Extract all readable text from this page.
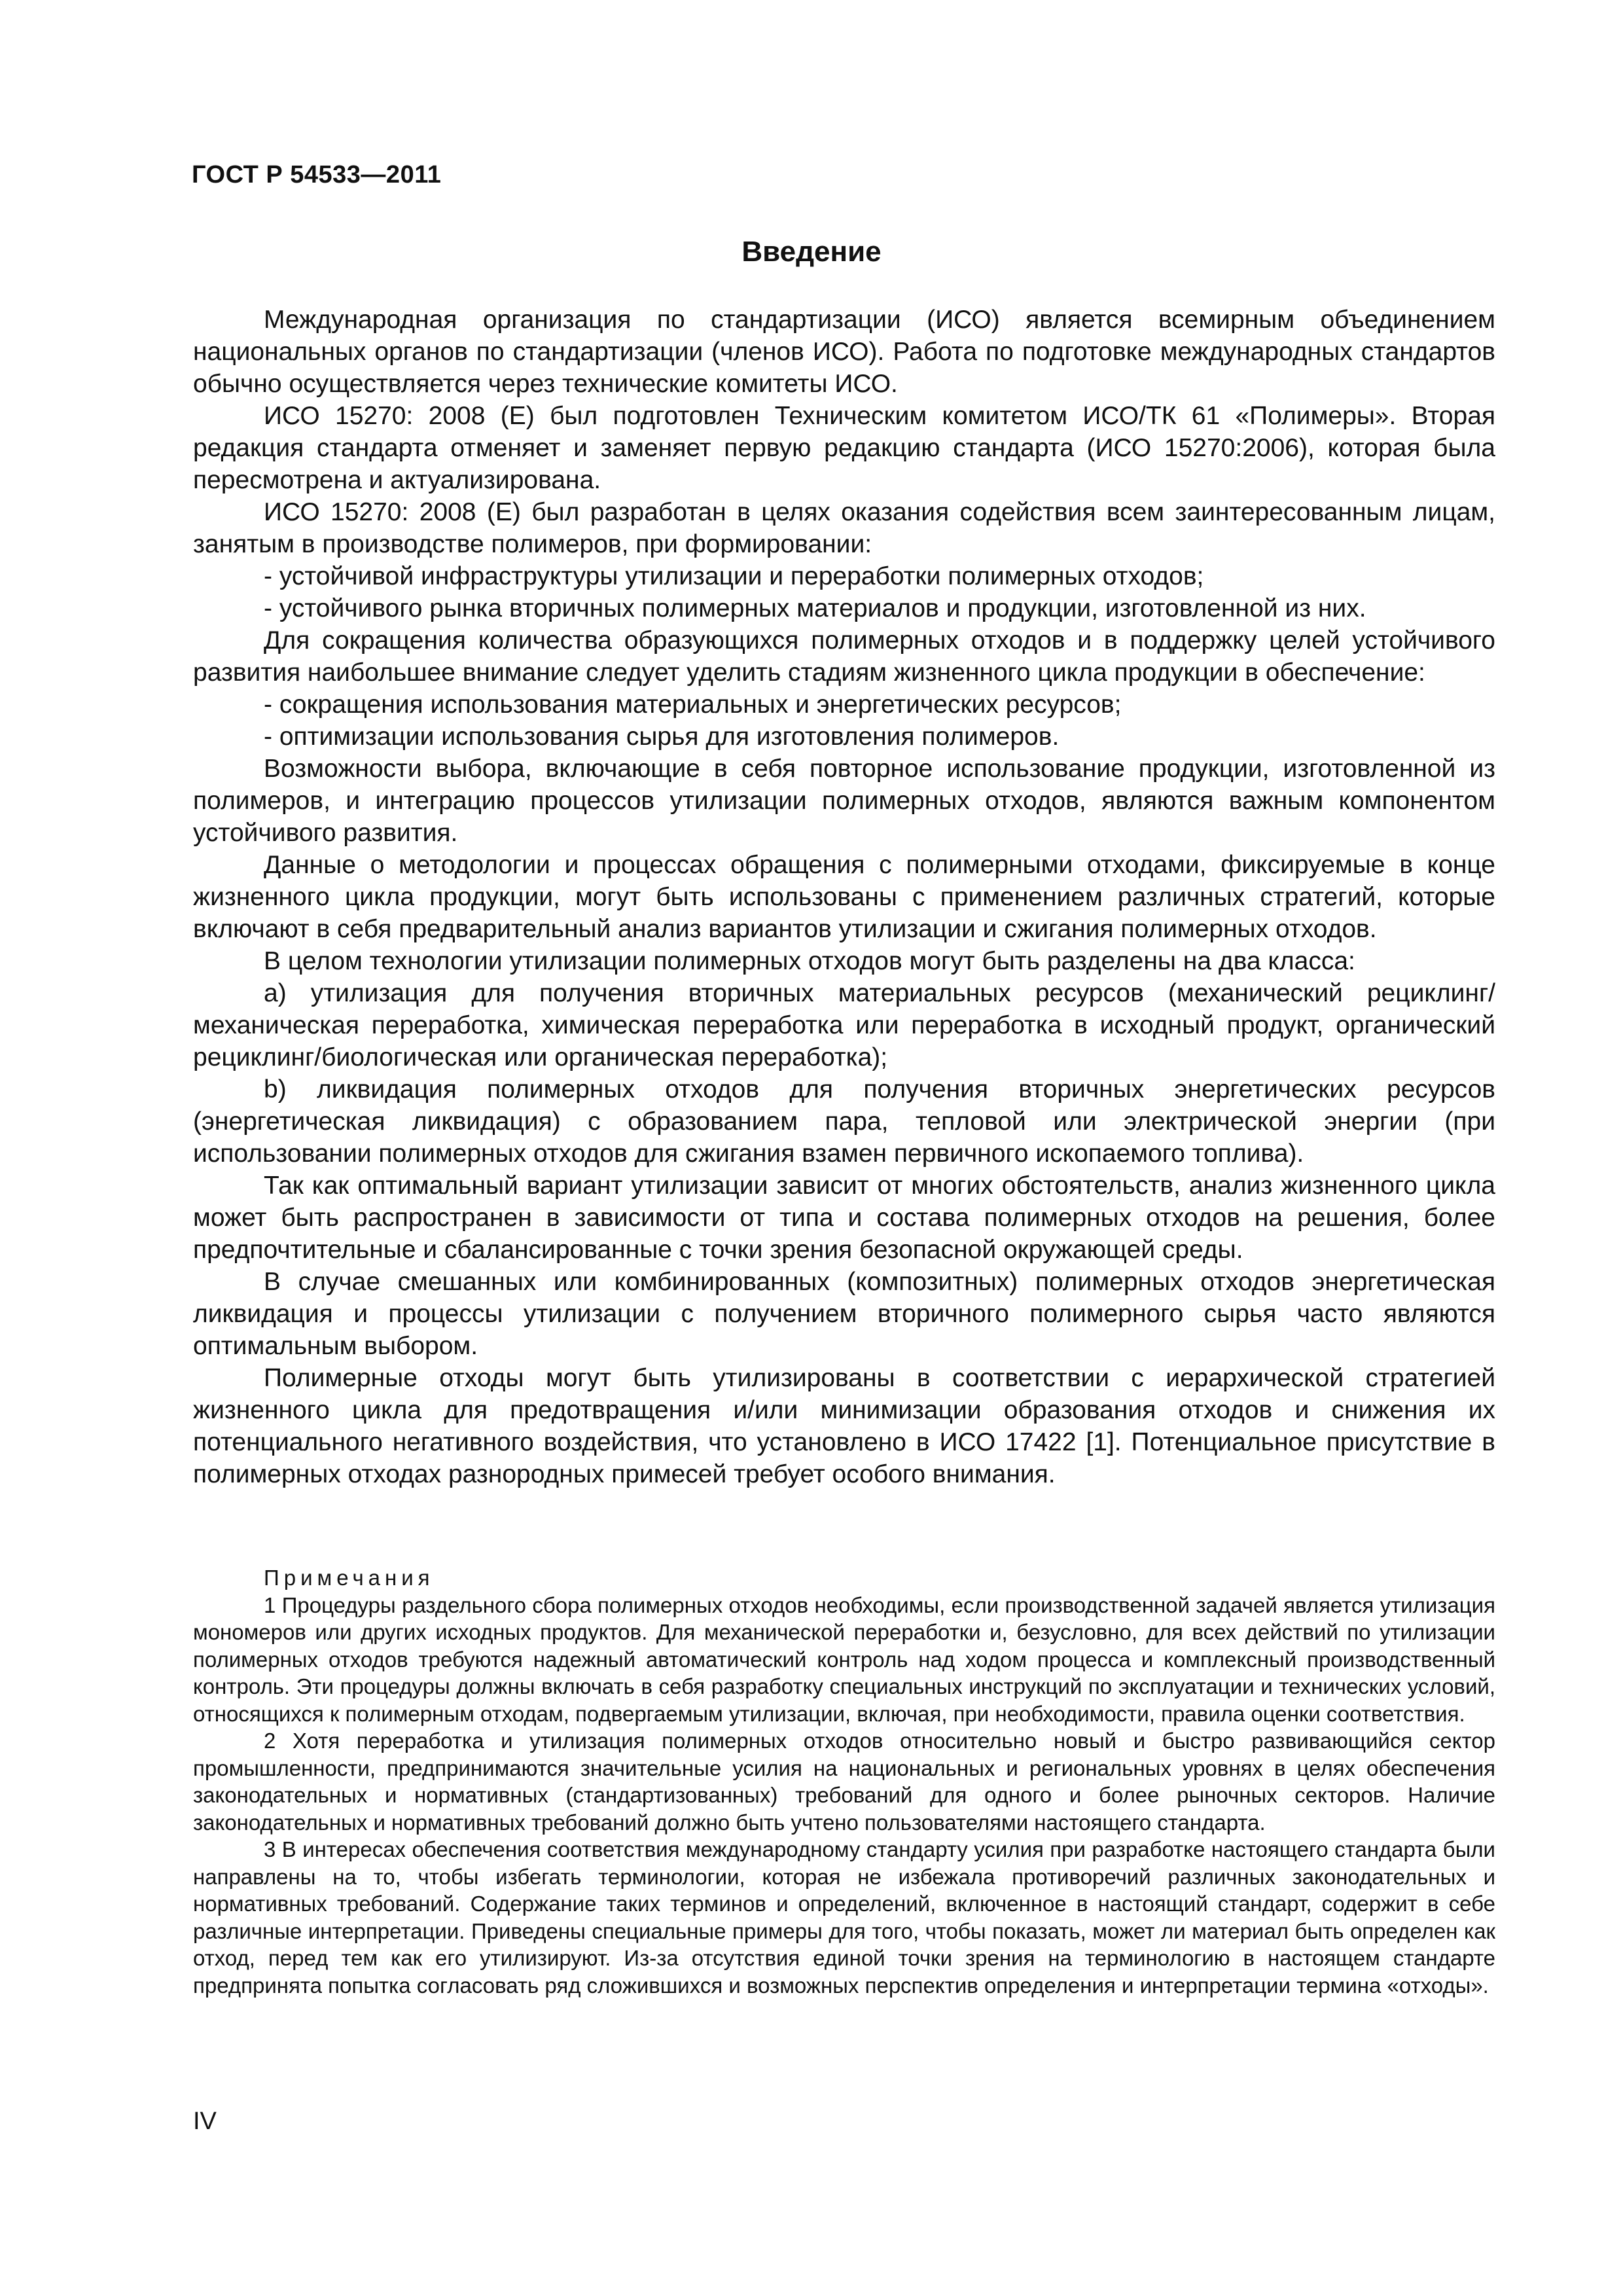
ГОСТ Р 54533—2011
Введение

Международная организация по стандартизации (ИСО) является всемирным объединением национальных органов по стандартизации (членов ИСО). Работа по подготовке международных стандартов обычно осуществляется через технические комитеты ИСО.

ИСО 15270: 2008 (Е) был подготовлен Техническим комитетом ИСО/ТК 61 «Полимеры». Вторая редакция стандарта отменяет и заменяет первую редакцию стандарта (ИСО 15270:2006), которая была пересмотрена и актуализирована.

ИСО 15270: 2008 (Е) был разработан в целях оказания содействия всем заинтересованным лицам, занятым в производстве полимеров, при формировании:

- устойчивой инфраструктуры утилизации и переработки полимерных отходов;

- устойчивого рынка вторичных полимерных материалов и продукции, изготовленной из них.

Для сокращения количества образующихся полимерных отходов и в поддержку целей устойчивого развития наибольшее внимание следует уделить стадиям жизненного цикла продукции в обеспечение:

- сокращения использования материальных и энергетических ресурсов;

- оптимизации использования сырья для изготовления полимеров.

Возможности выбора, включающие в себя повторное использование продукции, изготовленной из полимеров, и интеграцию процессов утилизации полимерных отходов, являются важным компонентом устойчивого развития.

Данные о методологии и процессах обращения с полимерными отходами, фиксируемые в конце жизненного цикла продукции, могут быть использованы с применением различных стратегий, которые включают в себя предварительный анализ вариантов утилизации и сжигания полимерных отходов.

В целом технологии утилизации полимерных отходов могут быть разделены на два класса:

a) утилизация для получения вторичных материальных ресурсов (механический рециклинг/механическая переработка, химическая переработка или переработка в исходный продукт, органический рециклинг/биологическая или органическая переработка);

b) ликвидация полимерных отходов для получения вторичных энергетических ресурсов (энергетическая ликвидация) с образованием пара, тепловой или электрической энергии (при использовании полимерных отходов для сжигания взамен первичного ископаемого топлива).

Так как оптимальный вариант утилизации зависит от многих обстоятельств, анализ жизненного цикла может быть распространен в зависимости от типа и состава полимерных отходов на решения, более предпочтительные и сбалансированные с точки зрения безопасной окружающей среды.

В случае смешанных или комбинированных (композитных) полимерных отходов энергетическая ликвидация и процессы утилизации с получением вторичного полимерного сырья часто являются оптимальным выбором.

Полимерные отходы могут быть утилизированы в соответствии с иерархической стратегией жизненного цикла для предотвращения и/или минимизации образования отходов и снижения их потенциального негативного воздействия, что установлено в ИСО 17422 [1]. Потенциальное присутствие в полимерных отходах разнородных примесей требует особого внимания.

Примечания

1 Процедуры раздельного сбора полимерных отходов необходимы, если производственной задачей является утилизация мономеров или других исходных продуктов. Для механической переработки и, безусловно, для всех действий по утилизации полимерных отходов требуются надежный автоматический контроль над ходом процесса и комплексный производственный контроль. Эти процедуры должны включать в себя разработку специальных инструкций по эксплуатации и технических условий, относящихся к полимерным отходам, подвергаемым утилизации, включая, при необходимости, правила оценки соответствия.

2 Хотя переработка и утилизация полимерных отходов относительно новый и быстро развивающийся сектор промышленности, предпринимаются значительные усилия на национальных и региональных уровнях в целях обеспечения законодательных и нормативных (стандартизованных) требований для одного и более рыночных секторов. Наличие законодательных и нормативных требований должно быть учтено пользователями настоящего стандарта.

3 В интересах обеспечения соответствия международному стандарту усилия при разработке настоящего стандарта были направлены на то, чтобы избегать терминологии, которая не избежала противоречий различных законодательных и нормативных требований. Содержание таких терминов и определений, включенное в настоящий стандарт, содержит в себе различные интерпретации. Приведены специальные примеры для того, чтобы показать, может ли материал быть определен как отход, перед тем как его утилизируют. Из-за отсутствия единой точки зрения на терминологию в настоящем стандарте предпринята попытка согласовать ряд сложившихся и возможных перспектив определения и интерпретации термина «отходы».

IV
